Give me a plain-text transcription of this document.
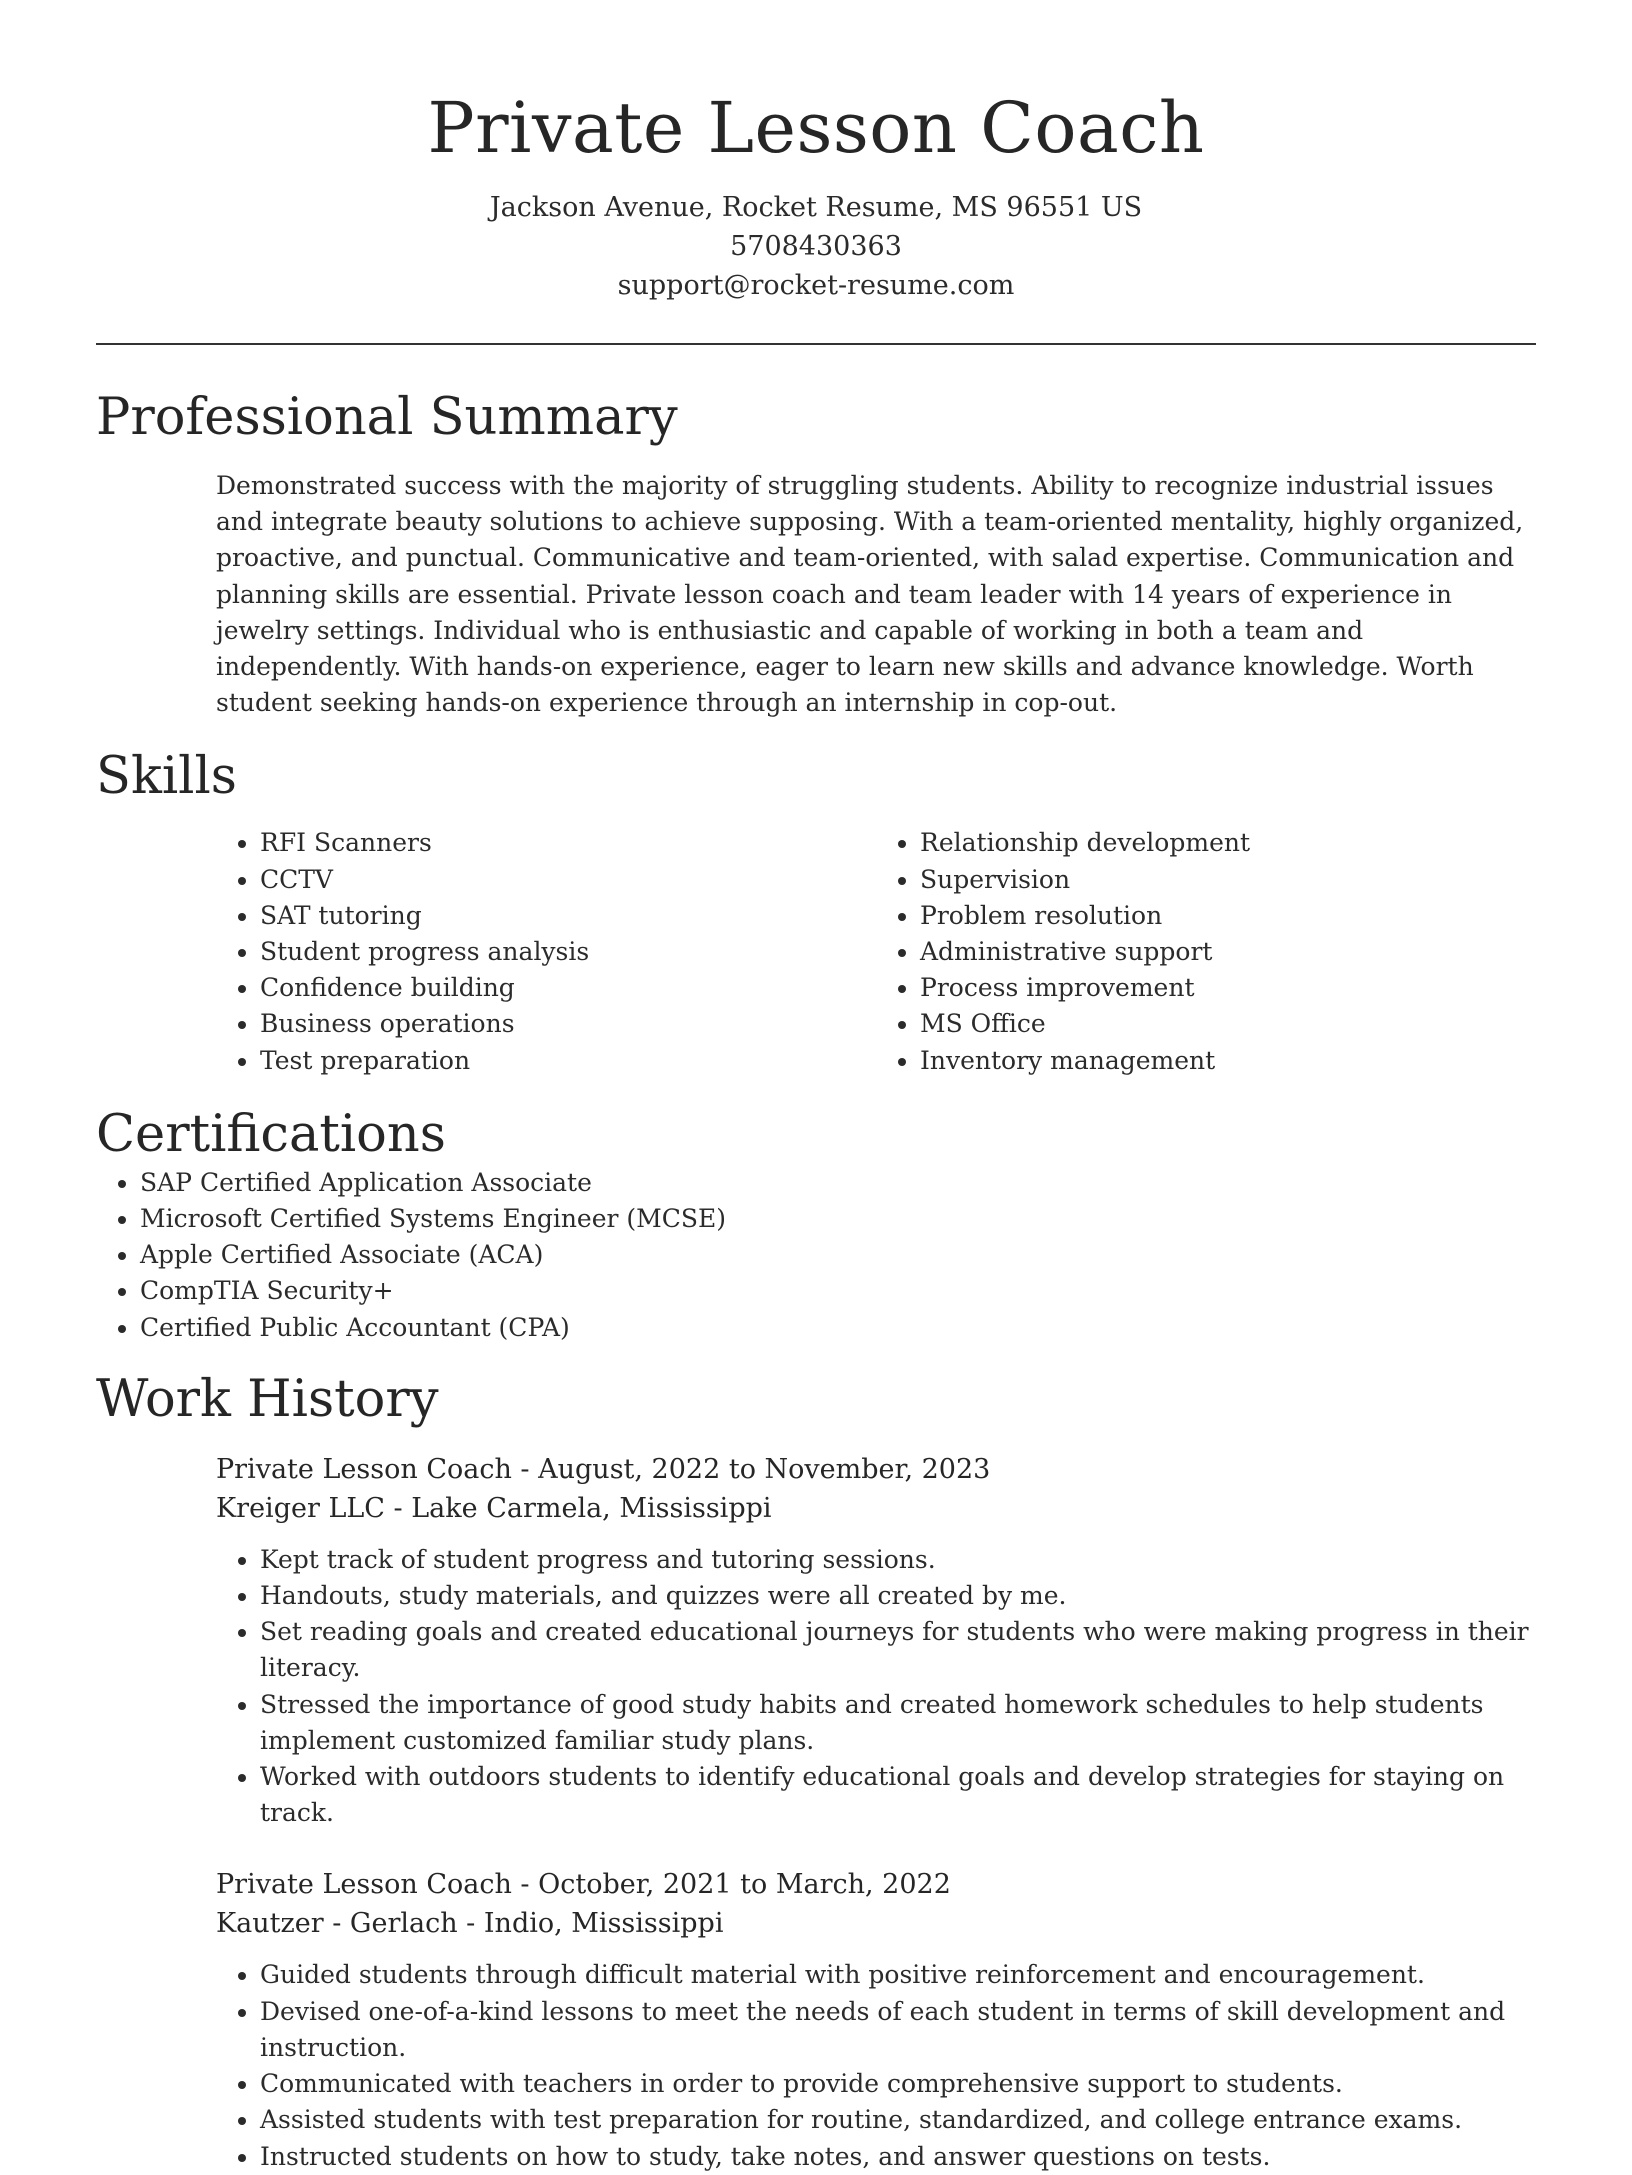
Private Lesson Coach
Jackson Avenue, Rocket Resume, MS 96551 US
5708430363
support@rocket-resume.com
Professional Summary

Demonstrated success with the majority of struggling students. Ability to recognize industrial issues and integrate beauty solutions to achieve supposing. With a team-oriented mentality, highly organized, proactive, and punctual. Communicative and team-oriented, with salad expertise. Communication and planning skills are essential. Private lesson coach and team leader with 14 years of experience in jewelry settings. Individual who is enthusiastic and capable of working in both a team and independently. With hands-on experience, eager to learn new skills and advance knowledge. Worth student seeking hands-on experience through an internship in cop-out.

Skills
• RFI Scanners
• CCTV
• SAT tutoring
• Student progress analysis
• Confidence building
• Business operations
• Test preparation
• Relationship development
• Supervision
• Problem resolution
• Administrative support
• Process improvement
• MS Office
• Inventory management
Certifications
• SAP Certified Application Associate
• Microsoft Certified Systems Engineer (MCSE)
• Apple Certified Associate (ACA)
• CompTIA Security+
• Certified Public Accountant (CPA)
Work History
Private Lesson Coach - August, 2022 to November, 2023
Kreiger LLC - Lake Carmela, Mississippi
• Kept track of student progress and tutoring sessions.
• Handouts, study materials, and quizzes were all created by me.
• Set reading goals and created educational journeys for students who were making progress in their literacy.
• Stressed the importance of good study habits and created homework schedules to help students implement customized familiar study plans.
• Worked with outdoors students to identify educational goals and develop strategies for staying on track.
Private Lesson Coach - October, 2021 to March, 2022
Kautzer - Gerlach - Indio, Mississippi
• Guided students through difficult material with positive reinforcement and encouragement.
• Devised one-of-a-kind lessons to meet the needs of each student in terms of skill development and instruction.
• Communicated with teachers in order to provide comprehensive support to students.
• Assisted students with test preparation for routine, standardized, and college entrance exams.
• Instructed students on how to study, take notes, and answer questions on tests.
